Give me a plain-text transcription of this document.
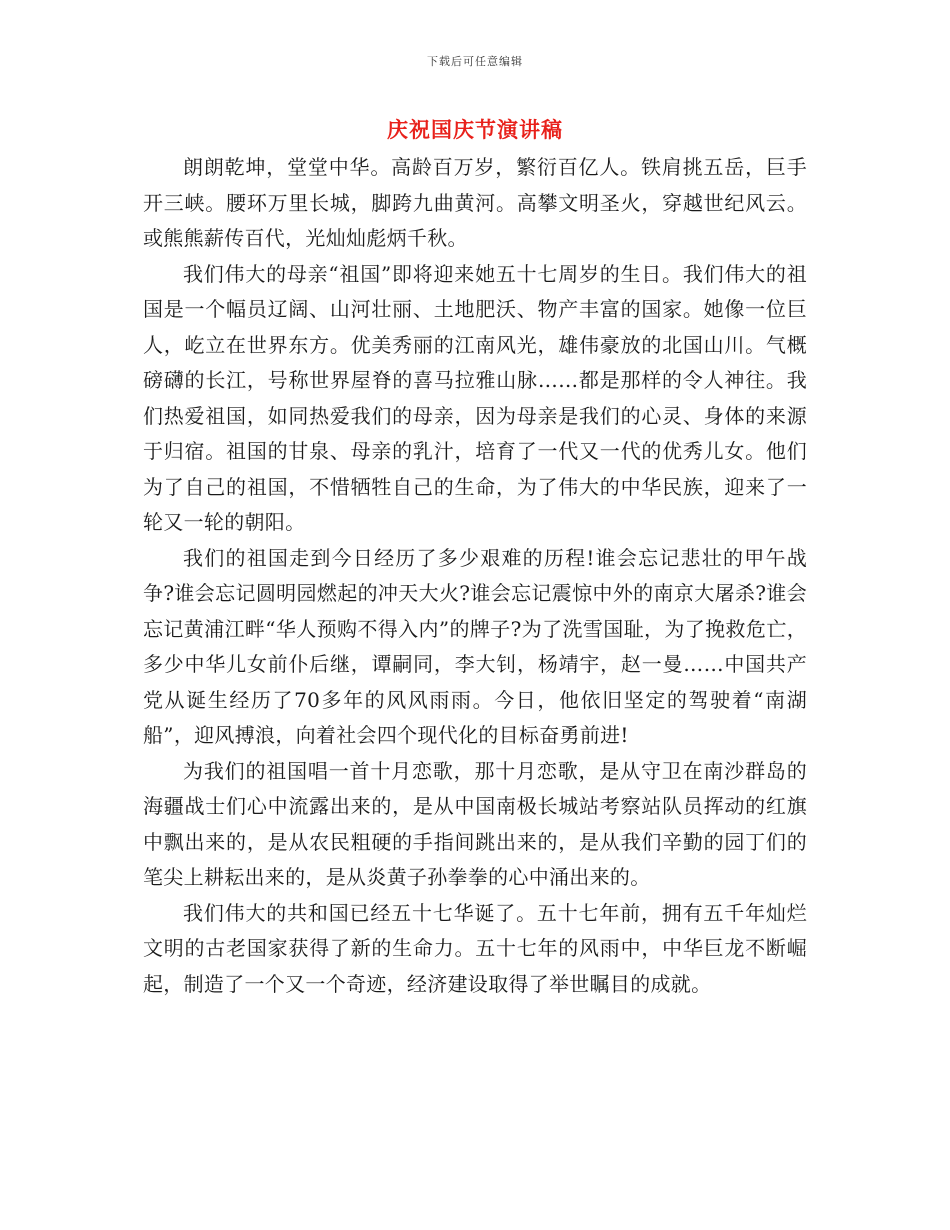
下载后可任意编辑
庆祝国庆节演讲稿

朗朗乾坤，堂堂中华。高龄百万岁，繁衍百亿人。铁肩挑五岳，巨手开三峡。腰环万里长城，脚跨九曲黄河。高攀文明圣火，穿越世纪风云。或熊熊薪传百代，光灿灿彪炳千秋。

我们伟大的母亲“祖国”即将迎来她五十七周岁的生日。我们伟大的祖国是一个幅员辽阔、山河壮丽、土地肥沃、物产丰富的国家。她像一位巨人，屹立在世界东方。优美秀丽的江南风光，雄伟豪放的北国山川。气概磅礴的长江，号称世界屋脊的喜马拉雅山脉……都是那样的令人神往。我们热爱祖国，如同热爱我们的母亲，因为母亲是我们的心灵、身体的来源于归宿。祖国的甘泉、母亲的乳汁，培育了一代又一代的优秀儿女。他们为了自己的祖国，不惜牺牲自己的生命，为了伟大的中华民族，迎来了一轮又一轮的朝阳。

我们的祖国走到今日经历了多少艰难的历程!谁会忘记悲壮的甲午战争?谁会忘记圆明园燃起的冲天大火?谁会忘记震惊中外的南京大屠杀?谁会忘记黄浦江畔“华人预购不得入内”的牌子?为了洗雪国耻，为了挽救危亡，多少中华儿女前仆后继，谭嗣同，李大钊，杨靖宇，赵一曼……中国共产党从诞生经历了70多年的风风雨雨。今日，他依旧坚定的驾驶着“南湖船”，迎风搏浪，向着社会四个现代化的目标奋勇前进!

为我们的祖国唱一首十月恋歌，那十月恋歌，是从守卫在南沙群岛的海疆战士们心中流露出来的，是从中国南极长城站考察站队员挥动的红旗中飘出来的，是从农民粗硬的手指间跳出来的，是从我们辛勤的园丁们的笔尖上耕耘出来的，是从炎黄子孙拳拳的心中涌出来的。

我们伟大的共和国已经五十七华诞了。五十七年前，拥有五千年灿烂文明的古老国家获得了新的生命力。五十七年的风雨中，中华巨龙不断崛起，制造了一个又一个奇迹，经济建设取得了举世瞩目的成就。
